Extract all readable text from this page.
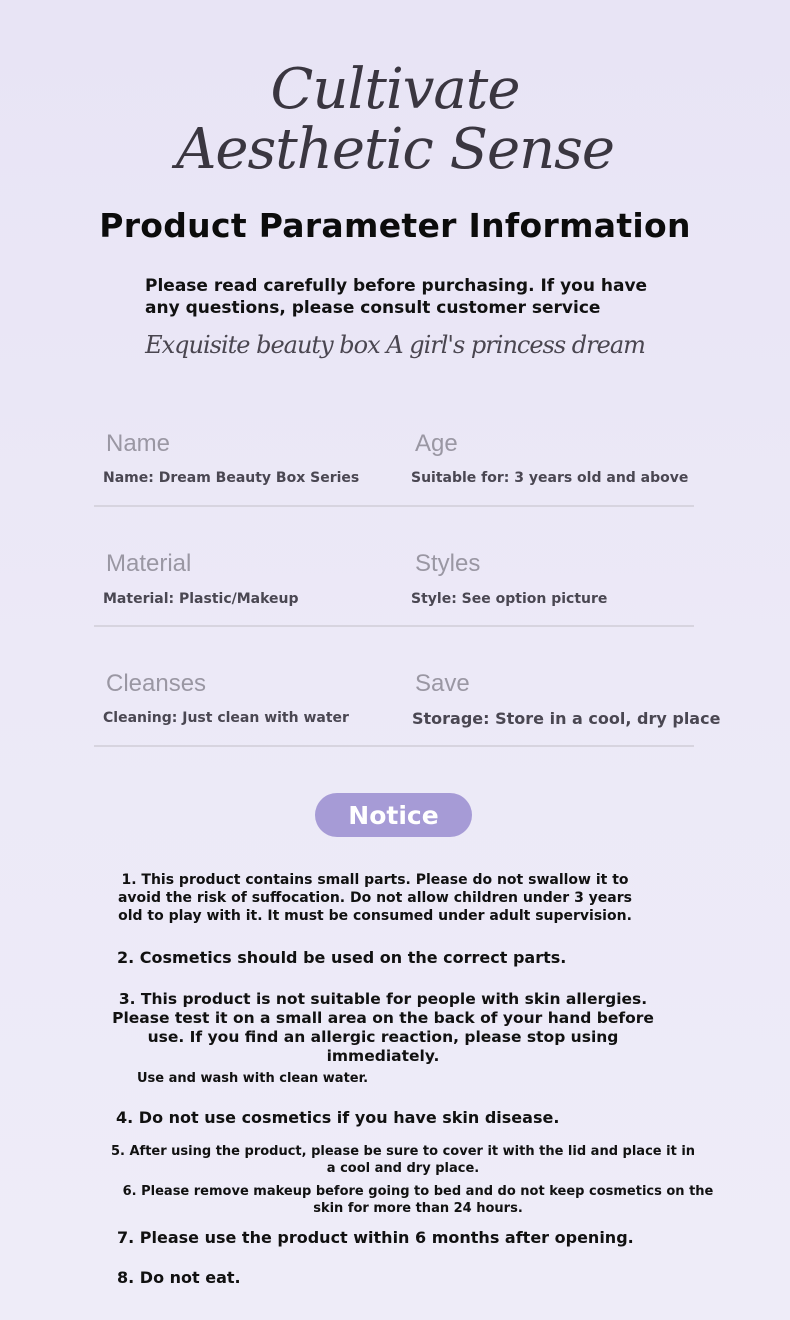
Cultivate
Aesthetic Sense
Product Parameter Information
Please read carefully before purchasing. If you have any questions, please consult customer service
Exquisite beauty box A girl's princess dream
Name
Name: Dream Beauty Box Series
Age
Suitable for: 3 years old and above
Material
Material: Plastic/Makeup
Styles
Style: See option picture
Cleanses
Cleaning: Just clean with water
Save
Storage: Store in a cool, dry place
Notice
1. This product contains small parts. Please do not swallow it to avoid the risk of suffocation. Do not allow children under 3 years old to play with it. It must be consumed under adult supervision.
2. Cosmetics should be used on the correct parts.
3. This product is not suitable for people with skin allergies. Please test it on a small area on the back of your hand before use. If you find an allergic reaction, please stop using immediately.
Use and wash with clean water.
4. Do not use cosmetics if you have skin disease.
5. After using the product, please be sure to cover it with the lid and place it in a cool and dry place.
6. Please remove makeup before going to bed and do not keep cosmetics on the skin for more than 24 hours.
7. Please use the product within 6 months after opening.
8. Do not eat.
